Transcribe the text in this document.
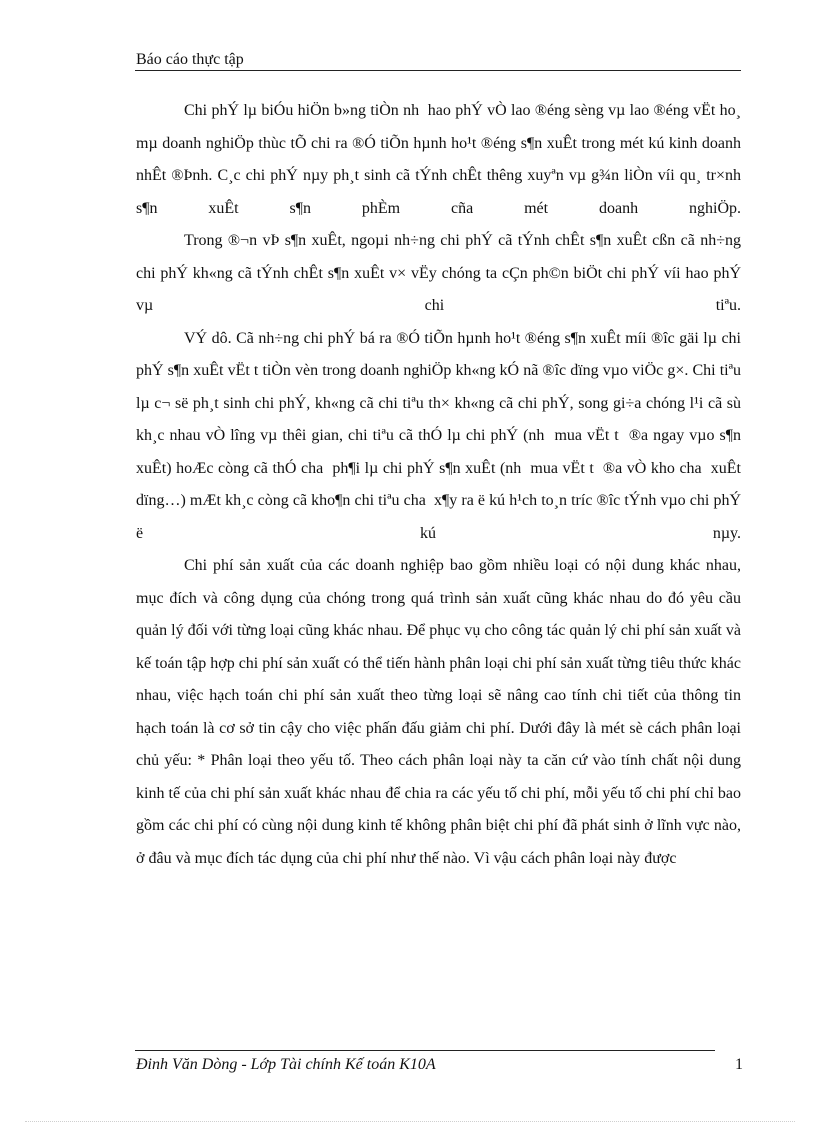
Báo cáo thực tập

Chi phÝ lµ biÓu hiÖn b»ng tiÒn nh  hao phÝ vÒ lao ®éng sèng vµ lao ®éng vËt ho¸ mµ doanh nghiÖp thùc tÕ chi ra ®Ó tiÕn hµnh ho¹t ®éng s¶n xuÊt trong mét kú kinh doanh nhÊt ®Þnh. C¸c chi phÝ nµy ph¸t sinh cã tÝnh chÊt thêng xuyªn vµ g¾n liÒn víi qu¸ tr×nh s¶n xuÊt s¶n phÈm cña mét doanh nghiÖp.

Trong ®¬n vÞ s¶n xuÊt, ngoµi nh÷ng chi phÝ cã tÝnh chÊt s¶n xuÊt cßn cã nh÷ng chi phÝ kh«ng cã tÝnh chÊt s¶n xuÊt v× vËy chóng ta cÇn ph©n biÖt chi phÝ víi hao phÝ vµ chi tiªu.

VÝ dô. Cã nh÷ng chi phÝ bá ra ®Ó tiÕn hµnh ho¹t ®éng s¶n xuÊt míi ®îc gäi lµ chi phÝ s¶n xuÊt vËt t tiÒn vèn trong doanh nghiÖp kh«ng kÓ nã ®îc dïng vµo viÖc g×. Chi tiªu lµ c¬ së ph¸t sinh chi phÝ, kh«ng cã chi tiªu th× kh«ng cã chi phÝ, song gi÷a chóng l¹i cã sù kh¸c nhau vÒ lîng vµ thêi gian, chi tiªu cã thÓ lµ chi phÝ (nh  mua vËt t  ®a ngay vµo s¶n xuÊt) hoÆc còng cã thÓ cha  ph¶i lµ chi phÝ s¶n xuÊt (nh  mua vËt t  ®a vÒ kho cha  xuÊt dïng…) mÆt kh¸c còng cã kho¶n chi tiªu cha  x¶y ra ë kú h¹ch to¸n tríc ®îc tÝnh vµo chi phÝ ë kú nµy.

Chi phí sản xuất của các doanh nghiệp bao gồm nhiều loại có nội dung khác nhau, mục đích và công dụng của chóng trong quá trình sản xuất cũng khác nhau do đó yêu cầu quản lý đối với từng loại cũng khác nhau. Để phục vụ cho công tác quản lý chi phí sản xuất và kế toán tập hợp chi phí sản xuất có thể tiến hành phân loại chi phí sản xuất từng tiêu thức khác nhau, việc hạch toán chi phí sản xuất theo từng loại sẽ nâng cao tính chi tiết của thông tin hạch toán là cơ sở tin cậy cho việc phấn đấu giảm chi phí. Dưới đây là mét sè cách phân loại chủ yếu: * Phân loại theo yếu tố. Theo cách phân loại này ta căn cứ vào tính chất nội dung kinh tế của chi phí sản xuất khác nhau để chia ra các yếu tố chi phí, mỗi yếu tố chi phí chỉ bao gồm các chi phí có cùng nội dung kinh tế không phân biệt chi phí đã phát sinh ở lĩnh vực nào, ở đâu và mục đích tác dụng của chi phí như thế nào. Vì vậu cách phân loại này được

Đinh Văn Dòng - Lớp Tài chính Kế toán K10A	1
